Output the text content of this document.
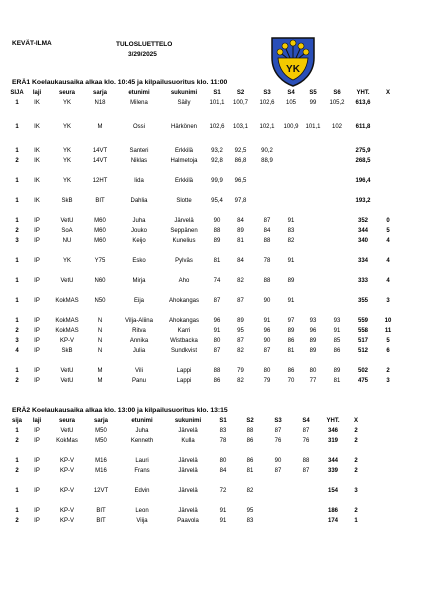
KEVÄT-ILMA	TULOSLUETTELO
3/29/2025
YK
ERÄ1 Koelaukausaika alkaa klo. 10:45 ja kilpailusuoritus klo. 11:00
SIJA	laji	seura	sarja	etunimi	sukunimi	S1	S2	S3	S4	S5	S6	YHT.	X
1	IK	YK	N18	Milena	Säily	101,1	100,7	102,6	105	99	105,2	613,6	

1	IK	YK	M	Ossi	Härkönen	102,6	103,1	102,1	100,9	101,1	102	611,8	

1	IK	YK	14VT	Santeri	Erkkilä	93,2	92,5	90,2				275,9	
2	IK	YK	14VT	Niklas	Halmetoja	92,8	86,8	88,9				268,5	

1	IK	YK	12HT	Iida	Erkkilä	99,9	96,5					196,4	

1	IK	SkB	BIT	Dahlia	Slotte	95,4	97,8					193,2	

1	IP	VetU	M60	Juha	Järvelä	90	84	87	91			352	0
2	IP	SoA	M60	Jouko	Seppänen	88	89	84	83			344	5
3	IP	NU	M60	Keijo	Kunelius	89	81	88	82			340	4

1	IP	YK	Y75	Esko	Pylväs	81	84	78	91			334	4

1	IP	VetU	N60	Mirja	Aho	74	82	88	89			333	4

1	IP	KokMAS	N50	Eija	Ahokangas	87	87	90	91			355	3

1	IP	KokMAS	N	Vilja-Aliina	Ahokangas	96	89	91	97	93	93	559	10
2	IP	KokMAS	N	Ritva	Karri	91	95	96	89	96	91	558	11
3	IP	KP-V	N	Annika	Wistbacka	80	87	90	86	89	85	517	5
4	IP	SkB	N	Julia	Sundkvist	87	82	87	81	89	86	512	6

1	IP	VetU	M	Vili	Lappi	88	79	80	86	80	89	502	2
2	IP	VetU	M	Panu	Lappi	86	82	79	70	77	81	475	3
ERÄ2 Koelaukausaika alkaa klo. 13:00 ja kilpailusuoritus klo. 13:15
sija	laji	seura	sarja	etunimi	sukunimi	S1	S2	S3	S4	YHT.	X
1	IP	VetU	M50	Juha	Järvelä	83	88	87	87	346	2
2	IP	KokMas	M50	Kenneth	Kulla	78	86	76	76	319	2

1	IP	KP-V	M16	Lauri	Järvelä	80	86	90	88	344	2
2	IP	KP-V	M16	Frans	Järvelä	84	81	87	87	339	2

1	IP	KP-V	12VT	Edvin	Järvelä	72	82			154	3

1	IP	KP-V	BIT	Leon	Järvelä	91	95			186	2
2	IP	KP-V	BIT	Viija	Paavola	91	83			174	1
